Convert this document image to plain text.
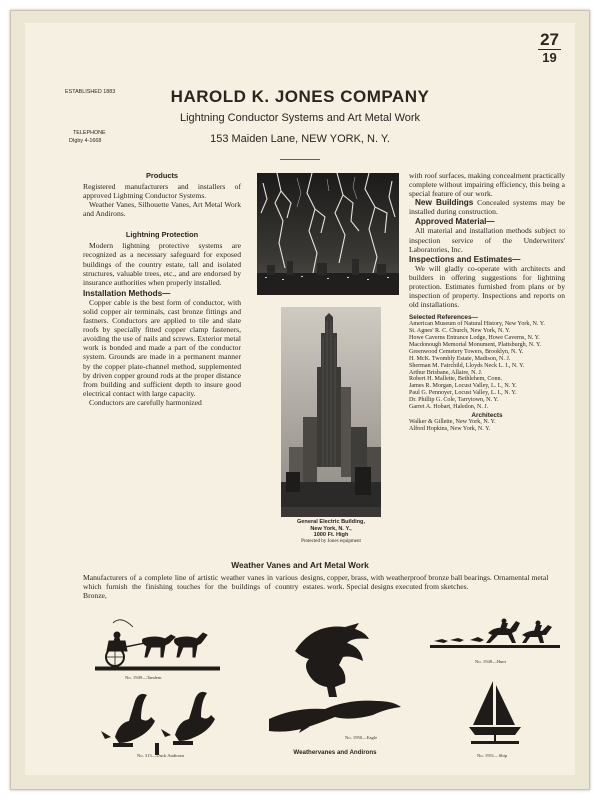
27
19
ESTABLISHED 1883
TELEPHONE
DIgby 4-1668
HAROLD K. JONES COMPANY
Lightning Conductor Systems and Art Metal Work
153 Maiden Lane, NEW YORK, N. Y.
Products
Registered manufacturers and installers of approved Lightning Conductor Systems.
Weather Vanes, Silhouette Vanes, Art Metal Work and Andirons.
Lightning Protection
Modern lightning protective systems are recognized as a necessary safeguard for exposed buildings of the country estate, tall and isolated structures, valuable trees, etc., and are endorsed by insurance authorities when properly installed.
Installation Methods—
Copper cable is the best form of conductor, with solid copper air terminals, cast bronze fittings and fastners. Conductors are applied to tile and slate roofs by specially fitted copper clamp fasteners, avoiding the use of nails and screws. Exterior metal work is bonded and made a part of the conductor system. Grounds are made in a permanent manner by the copper plate-channel method, supplemented by driven copper ground rods at the proper distance from building and sufficient depth to insure good electrical contact with large capacity.
Conductors are carefully harmonized
General Electric Building,
New York, N. Y.,
1000 Ft. High
Protected by Jones equipment
with roof surfaces, making concealment practically complete without impairing efficiency, this being a special feature of our work.
New Buildings Concealed systems may be installed during construction.
Approved Material—
All material and installation methods subject to inspection service of the Underwriters' Laboratories, Inc.
Inspections and Estimates—
We will gladly co-operate with architects and builders in offering suggestions for lightning protection. Estimates furnished from plans or by inspection of property. Inspections and reports on old installations.
Selected References—
American Museum of Natural History, New York, N. Y.
St. Agnes' R. C. Church, New York, N. Y.
Howe Caverns Entrance Lodge, Howe Caverns, N. Y.
Macdonough Memorial Monument, Plattsburgh, N. Y.
Greenwood Cemetery Towers, Brooklyn, N. Y.
H. McK. Twombly Estate, Madison, N. J.
Sherman M. Fairchild, Lloyds Neck L. I., N. Y.
Arthur Brisbane, Allaire, N. J.
Robert H. Mallette, Bethlehem, Conn.
James R. Morgan, Locust Valley, L. I., N. Y.
Paul G. Pennoyer, Locust Valley, L. I., N. Y.
Dr. Phillip G. Cole, Tarrytown, N. Y.
Garret A. Hobart, Haledon, N. J.
Architects
Walker & Gillette, New York, N. Y.
Alfred Hopkins, New York, N. Y.
Weather Vanes and Art Metal Work
Manufacturers of a complete line of artistic weather vanes in various designs, which furnish the finishing touches for the buildings of country estates. Bronze,
copper, brass, with weatherproof bronze ball bearings. Ornamental metal work. Special designs executed from sketches.
No. 1949—Tandem
No. 1950—Eagle
Weathervanes and Andirons
No. 1948—Hunt
No. 315—Duck Andirons	No. 1951—Ship
